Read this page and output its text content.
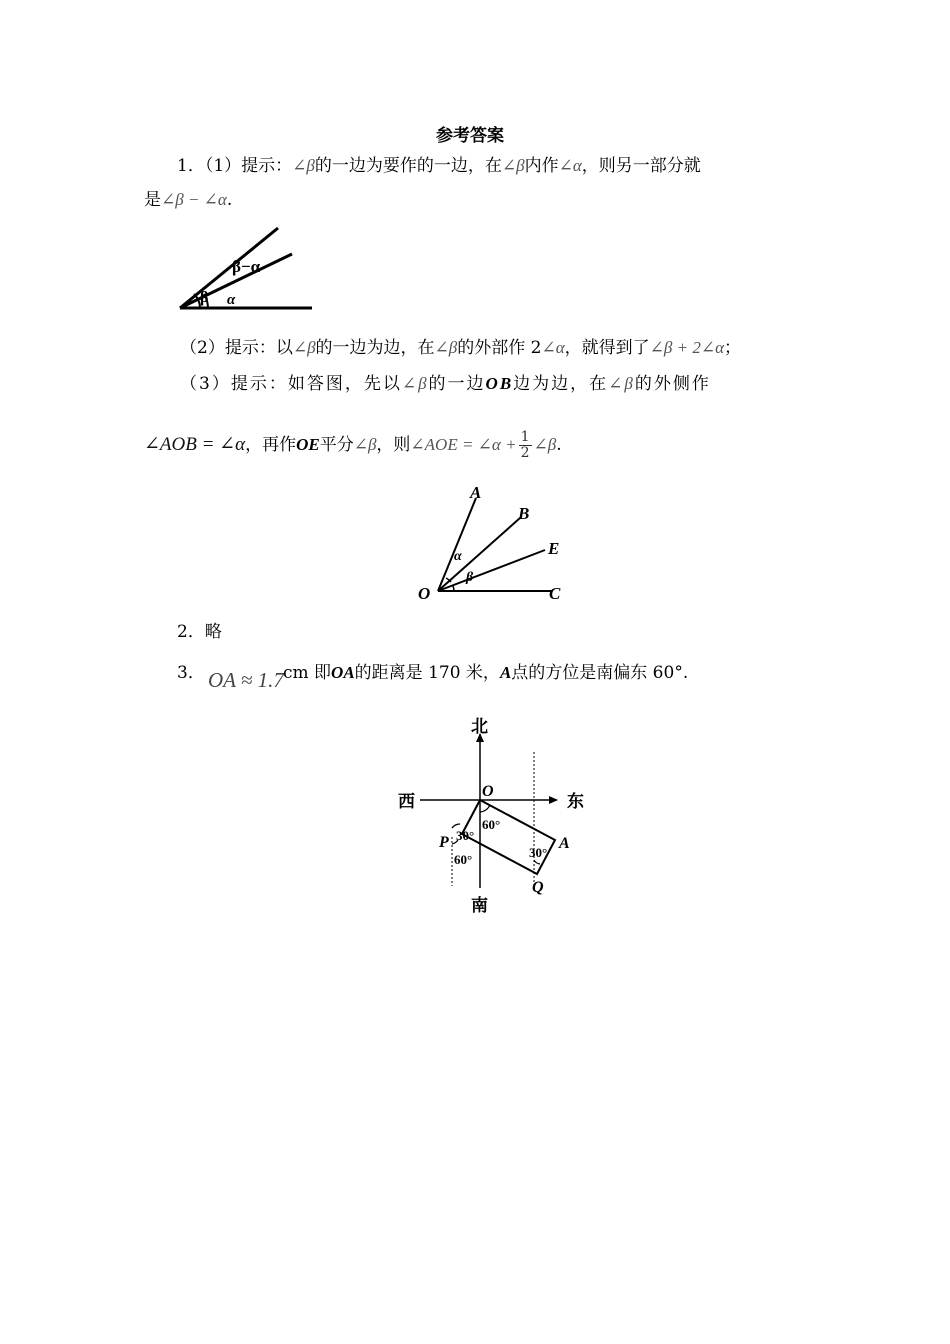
参考答案
1．（1）提示：∠β的一边为要作的一边，在∠β内作∠α，则另一部分就
是∠β − ∠α.
β−α
β α
（2）提示：以∠β的一边为边，在∠β的外部作 2∠α，就得到了∠β + 2∠α；
（3）提示：如答图，先以∠β的一边OB边为边，在∠β的外侧作
∠AOB = ∠α，再作OE平分∠β，则∠AOE = ∠α + $\frac{1}{2}$ ∠β.
A
B
E
O	C
α
β
2．略
3． OA ≈ 1.7 cm 即OA的距离是 170 米，A点的方位是南偏东 60°.
北
南
西	东
O
P	A
Q
60°
30°
60°	30°
